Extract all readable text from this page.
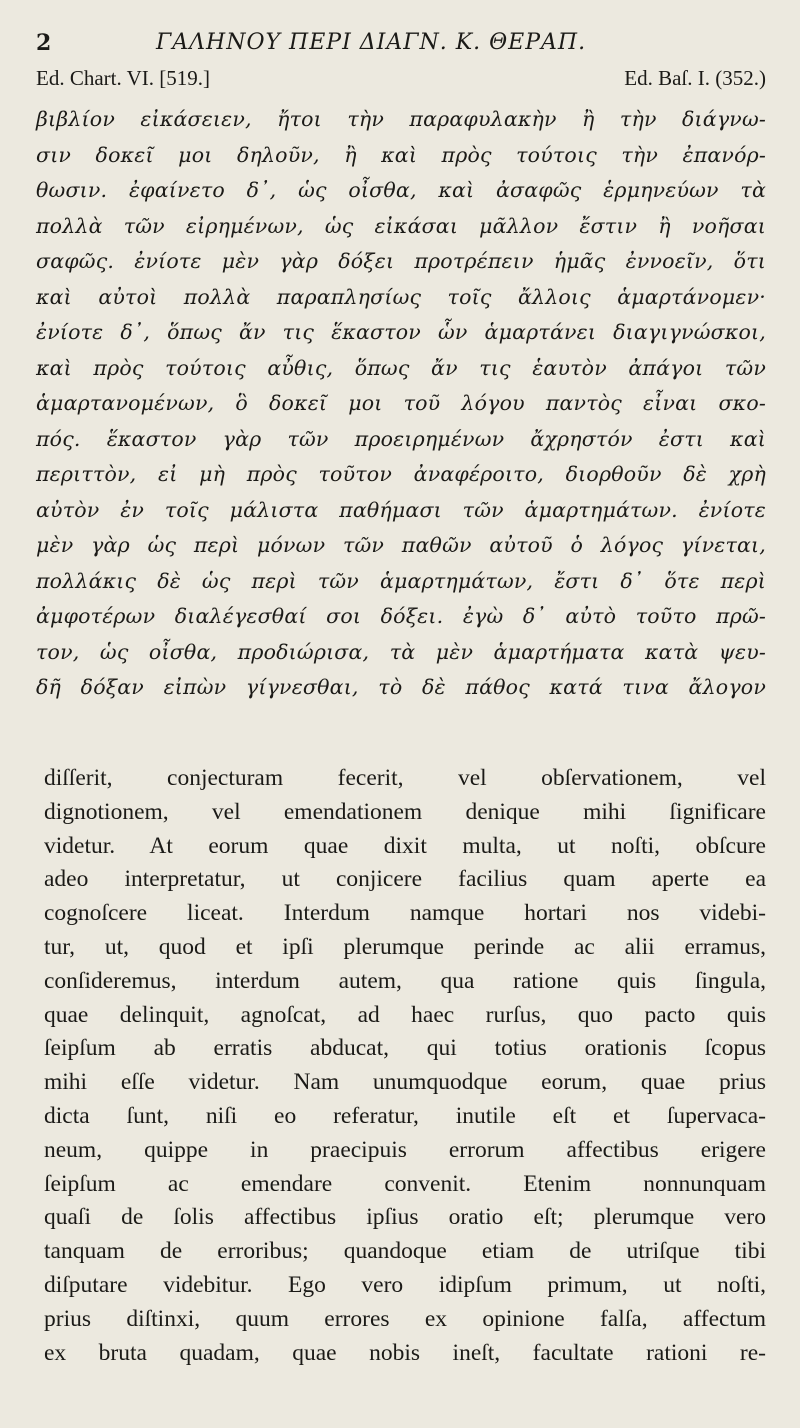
2	ΓΑΛΗΝΟΥ ΠΕΡΙ ΔΙΑΓΝ. Κ. ΘΕΡΑΠ.
Ed. Chart. VI. [519.]	Ed. Baſ. I. (352.)
βιβλίον εἰκάσειεν, ἤτοι τὴν παραφυλακὴν ἢ τὴν διάγνω-
σιν δοκεῖ μοι δηλοῦν, ἢ καὶ πρὸς τούτοις τὴν ἐπανόρ-
θωσιν. ἐφαίνετο δ᾽, ὡς οἶσθα, καὶ ἀσαφῶς ἑρμηνεύων τὰ
πολλὰ τῶν εἰρημένων, ὡς εἰκάσαι μᾶλλον ἔστιν ἢ νοῆσαι
σαφῶς. ἐνίοτε μὲν γὰρ δόξει προτρέπειν ἡμᾶς ἐννοεῖν, ὅτι
καὶ αὐτοὶ πολλὰ παραπλησίως τοῖς ἄλλοις ἁμαρτάνομεν·
ἐνίοτε δ᾽, ὅπως ἄν τις ἕκαστον ὧν ἁμαρτάνει διαγιγνώσκοι,
καὶ πρὸς τούτοις αὖθις, ὅπως ἄν τις ἑαυτὸν ἀπάγοι τῶν
ἁμαρτανομένων, ὃ δοκεῖ μοι τοῦ λόγου παντὸς εἶναι σκο-
πός. ἕκαστον γὰρ τῶν προειρημένων ἄχρηστόν ἐστι καὶ
περιττὸν, εἰ μὴ πρὸς τοῦτον ἀναφέροιτο, διορθοῦν δὲ χρὴ
αὐτὸν ἐν τοῖς μάλιστα παθήμασι τῶν ἁμαρτημάτων. ἐνίοτε
μὲν γὰρ ὡς περὶ μόνων τῶν παθῶν αὐτοῦ ὁ λόγος γίνεται,
πολλάκις δὲ ὡς περὶ τῶν ἁμαρτημάτων, ἔστι δ᾽ ὅτε περὶ
ἀμφοτέρων διαλέγεσθαί σοι δόξει. ἐγὼ δ᾽ αὐτὸ τοῦτο πρῶ-
τον, ὡς οἶσθα, προδιώρισα, τὰ μὲν ἁμαρτήματα κατὰ ψευ-
δῆ δόξαν εἰπὼν γίγνεσθαι, τὸ δὲ πάθος κατά τινα ἄλογον
diſſerit, conjecturam fecerit, vel obſervationem, vel
dignotionem, vel emendationem denique mihi ſignificare
videtur. At eorum quae dixit multa, ut noſti, obſcure
adeo interpretatur, ut conjicere facilius quam aperte ea
cognoſcere liceat. Interdum namque hortari nos videbi-
tur, ut, quod et ipſi plerumque perinde ac alii erramus,
conſideremus, interdum autem, qua ratione quis ſingula,
quae delinquit, agnoſcat, ad haec rurſus, quo pacto quis
ſeipſum ab erratis abducat, qui totius orationis ſcopus
mihi eſſe videtur. Nam unumquodque eorum, quae prius
dicta ſunt, niſi eo referatur, inutile eſt et ſupervaca-
neum, quippe in praecipuis errorum affectibus erigere
ſeipſum ac emendare convenit. Etenim nonnunquam
quaſi de ſolis affectibus ipſius oratio eſt; plerumque vero
tanquam de erroribus; quandoque etiam de utriſque tibi
diſputare videbitur. Ego vero idipſum primum, ut noſti,
prius diſtinxi, quum errores ex opinione falſa, affectum
ex bruta quadam, quae nobis ineſt, facultate rationi re-
